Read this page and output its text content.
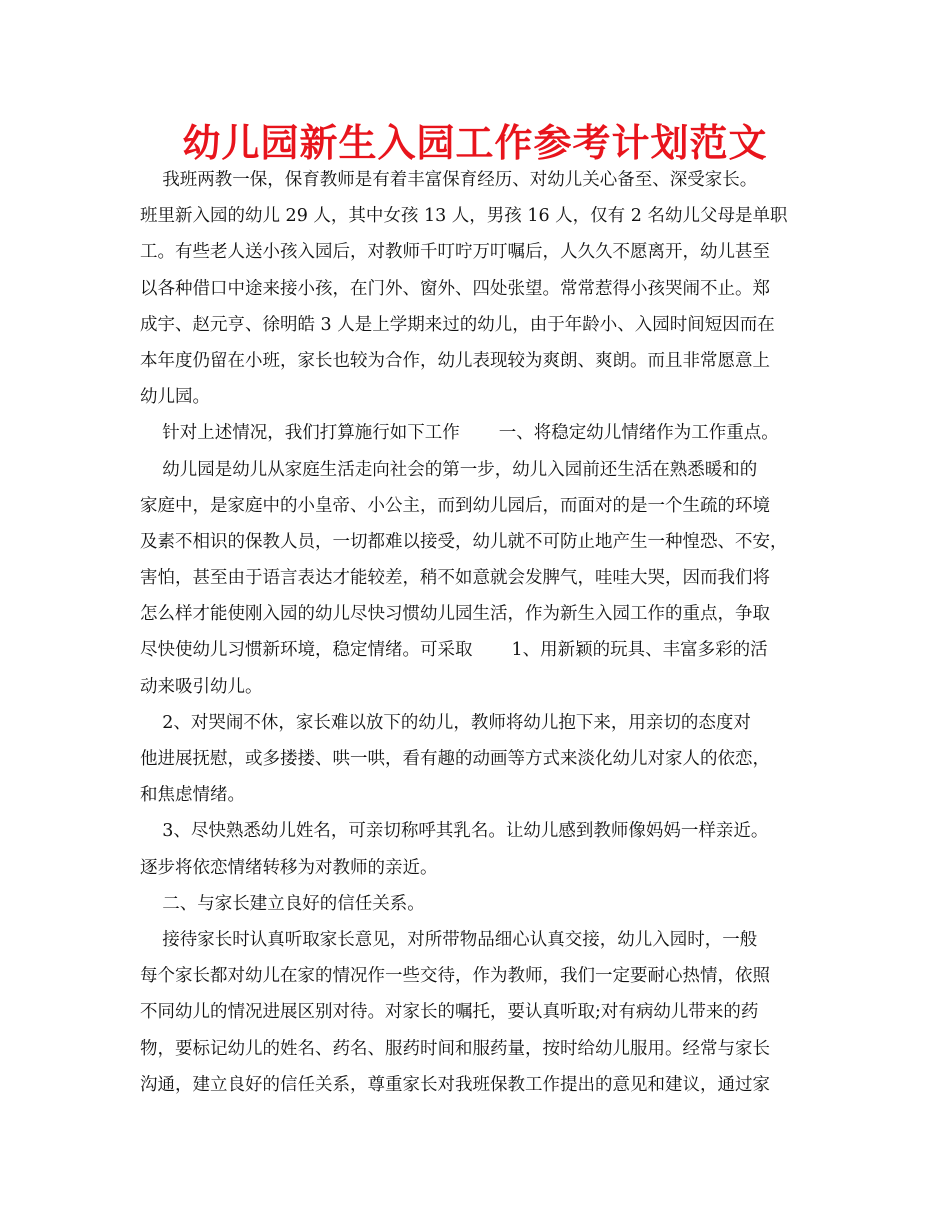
幼儿园新生入园工作参考计划范文
我班两教一保，保育教师是有着丰富保育经历、对幼儿关心备至、深受家长。
班里新入园的幼儿 29 人，其中女孩 13 人，男孩 16 人，仅有 2 名幼儿父母是单职
工。有些老人送小孩入园后，对教师千叮咛万叮嘱后，人久久不愿离开，幼儿甚至
以各种借口中途来接小孩，在门外、窗外、四处张望。常常惹得小孩哭闹不止。郑
成宇、赵元亨、徐明皓 3 人是上学期来过的幼儿，由于年龄小、入园时间短因而在
本年度仍留在小班，家长也较为合作，幼儿表现较为爽朗、爽朗。而且非常愿意上
幼儿园。
针对上述情况，我们打算施行如下工作       一、将稳定幼儿情绪作为工作重点。
幼儿园是幼儿从家庭生活走向社会的第一步，幼儿入园前还生活在熟悉暖和的
家庭中，是家庭中的小皇帝、小公主，而到幼儿园后，而面对的是一个生疏的环境
及素不相识的保教人员，一切都难以接受，幼儿就不可防止地产生一种惶恐、不安，
害怕，甚至由于语言表达才能较差，稍不如意就会发脾气，哇哇大哭，因而我们将
怎么样才能使刚入园的幼儿尽快习惯幼儿园生活，作为新生入园工作的重点，争取
尽快使幼儿习惯新环境，稳定情绪。可采取       1、用新颖的玩具、丰富多彩的活
动来吸引幼儿。
2、对哭闹不休，家长难以放下的幼儿，教师将幼儿抱下来，用亲切的态度对
他进展抚慰，或多搂搂、哄一哄，看有趣的动画等方式来淡化幼儿对家人的依恋，
和焦虑情绪。
3、尽快熟悉幼儿姓名，可亲切称呼其乳名。让幼儿感到教师像妈妈一样亲近。
逐步将依恋情绪转移为对教师的亲近。
二、与家长建立良好的信任关系。
接待家长时认真听取家长意见，对所带物品细心认真交接，幼儿入园时，一般
每个家长都对幼儿在家的情况作一些交待，作为教师，我们一定要耐心热情，依照
不同幼儿的情况进展区别对待。对家长的嘱托，要认真听取;对有病幼儿带来的药
物，要标记幼儿的姓名、药名、服药时间和服药量，按时给幼儿服用。经常与家长
沟通，建立良好的信任关系，尊重家长对我班保教工作提出的意见和建议，通过家
